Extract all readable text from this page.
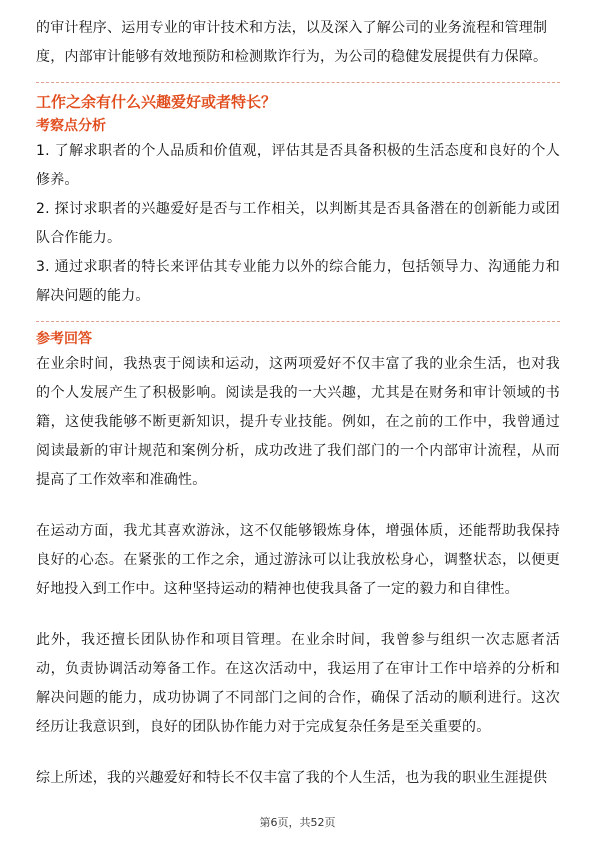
的审计程序、运用专业的审计技术和方法，以及深入了解公司的业务流程和管理制

度，内部审计能够有效地预防和检测欺诈行为，为公司的稳健发展提供有力保障。

工作之余有什么兴趣爱好或者特长？

考察点分析

1. 了解求职者的个人品质和价值观，评估其是否具备积极的生活态度和良好的个人修养。

2. 探讨求职者的兴趣爱好是否与工作相关，以判断其是否具备潜在的创新能力或团队合作能力。

3. 通过求职者的特长来评估其专业能力以外的综合能力，包括领导力、沟通能力和解决问题的能力。

参考回答

在业余时间，我热衷于阅读和运动，这两项爱好不仅丰富了我的业余生活，也对我的个人发展产生了积极影响。阅读是我的一大兴趣，尤其是在财务和审计领域的书籍，这使我能够不断更新知识，提升专业技能。例如，在之前的工作中，我曾通过阅读最新的审计规范和案例分析，成功改进了我们部门的一个内部审计流程，从而提高了工作效率和准确性。

在运动方面，我尤其喜欢游泳，这不仅能够锻炼身体，增强体质，还能帮助我保持良好的心态。在紧张的工作之余，通过游泳可以让我放松身心，调整状态，以便更好地投入到工作中。这种坚持运动的精神也使我具备了一定的毅力和自律性。

此外，我还擅长团队协作和项目管理。在业余时间，我曾参与组织一次志愿者活动，负责协调活动筹备工作。在这次活动中，我运用了在审计工作中培养的分析和解决问题的能力，成功协调了不同部门之间的合作，确保了活动的顺利进行。这次经历让我意识到，良好的团队协作能力对于完成复杂任务是至关重要的。

综上所述，我的兴趣爱好和特长不仅丰富了我的个人生活，也为我的职业生涯提供

第6页，共52页
